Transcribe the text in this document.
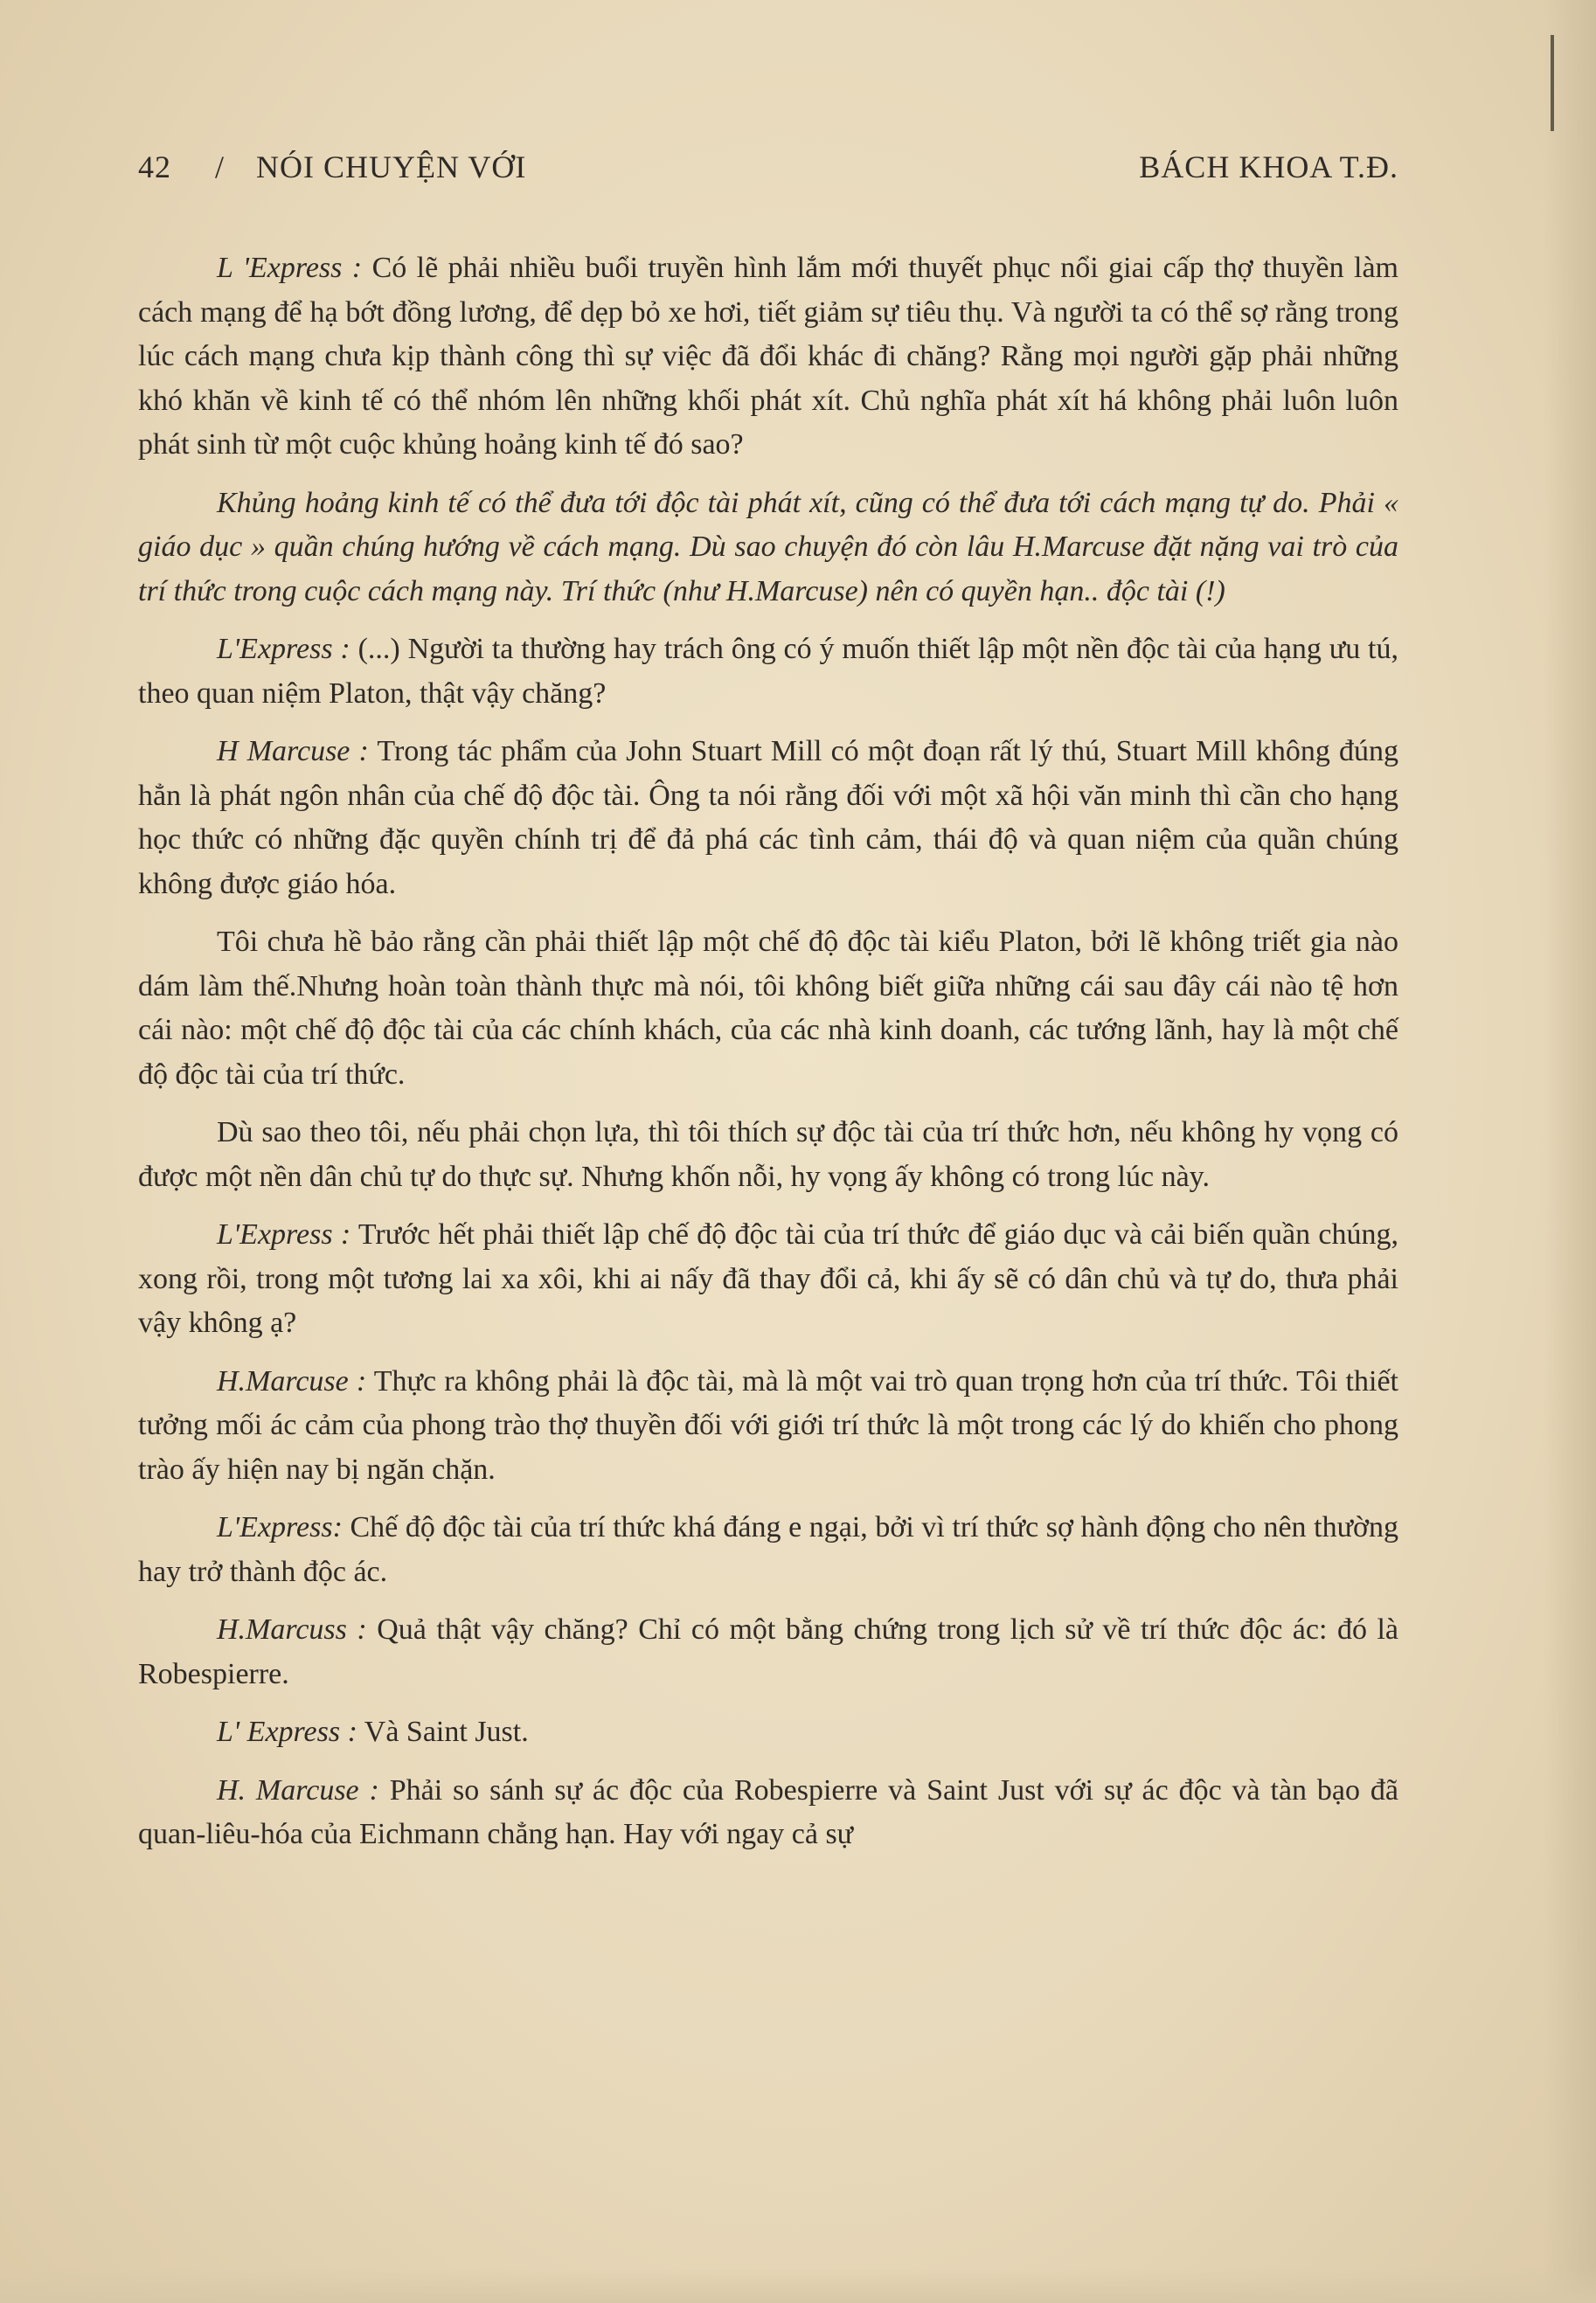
42 / NÓI CHUYỆN VỚI	BÁCH KHOA T.Đ.

L 'Express : Có lẽ phải nhiều buổi truyền hình lắm mới thuyết phục nổi giai cấp thợ thuyền làm cách mạng để hạ bớt đồng lương, để dẹp bỏ xe hơi, tiết giảm sự tiêu thụ. Và người ta có thể sợ rằng trong lúc cách mạng chưa kịp thành công thì sự việc đã đổi khác đi chăng? Rằng mọi người gặp phải những khó khăn về kinh tế có thể nhóm lên những khối phát xít. Chủ nghĩa phát xít há không phải luôn luôn phát sinh từ một cuộc khủng hoảng kinh tế đó sao?

Khủng hoảng kinh tế có thể đưa tới độc tài phát xít, cũng có thể đưa tới cách mạng tự do. Phải « giáo dục » quần chúng hướng về cách mạng. Dù sao chuyện đó còn lâu H.Marcuse đặt nặng vai trò của trí thức trong cuộc cách mạng này. Trí thức (như H.Marcuse) nên có quyền hạn.. độc tài (!)

L'Express : (...) Người ta thường hay trách ông có ý muốn thiết lập một nền độc tài của hạng ưu tú, theo quan niệm Platon, thật vậy chăng?

H Marcuse : Trong tác phẩm của John Stuart Mill có một đoạn rất lý thú, Stuart Mill không đúng hẳn là phát ngôn nhân của chế độ độc tài. Ông ta nói rằng đối với một xã hội văn minh thì cần cho hạng học thức có những đặc quyền chính trị để đả phá các tình cảm, thái độ và quan niệm của quần chúng không được giáo hóa.

Tôi chưa hề bảo rằng cần phải thiết lập một chế độ độc tài kiểu Platon, bởi lẽ không triết gia nào dám làm thế.Nhưng hoàn toàn thành thực mà nói, tôi không biết giữa những cái sau đây cái nào tệ hơn cái nào: một chế độ độc tài của các chính khách, của các nhà kinh doanh, các tướng lãnh, hay là một chế độ độc tài của trí thức.

Dù sao theo tôi, nếu phải chọn lựa, thì tôi thích sự độc tài của trí thức hơn, nếu không hy vọng có được một nền dân chủ tự do thực sự. Nhưng khốn nỗi, hy vọng ấy không có trong lúc này.

L'Express : Trước hết phải thiết lập chế độ độc tài của trí thức để giáo dục và cải biến quần chúng, xong rồi, trong một tương lai xa xôi, khi ai nấy đã thay đổi cả, khi ấy sẽ có dân chủ và tự do, thưa phải vậy không ạ?

H.Marcuse : Thực ra không phải là độc tài, mà là một vai trò quan trọng hơn của trí thức. Tôi thiết tưởng mối ác cảm của phong trào thợ thuyền đối với giới trí thức là một trong các lý do khiến cho phong trào ấy hiện nay bị ngăn chặn.

L'Express: Chế độ độc tài của trí thức khá đáng e ngại, bởi vì trí thức sợ hành động cho nên thường hay trở thành độc ác.

H.Marcuss : Quả thật vậy chăng? Chỉ có một bằng chứng trong lịch sử về trí thức độc ác: đó là Robespierre.

L' Express : Và Saint Just.

H. Marcuse : Phải so sánh sự ác độc của Robespierre và Saint Just với sự ác độc và tàn bạo đã quan-liêu-hóa của Eichmann chẳng hạn. Hay với ngay cả sự
